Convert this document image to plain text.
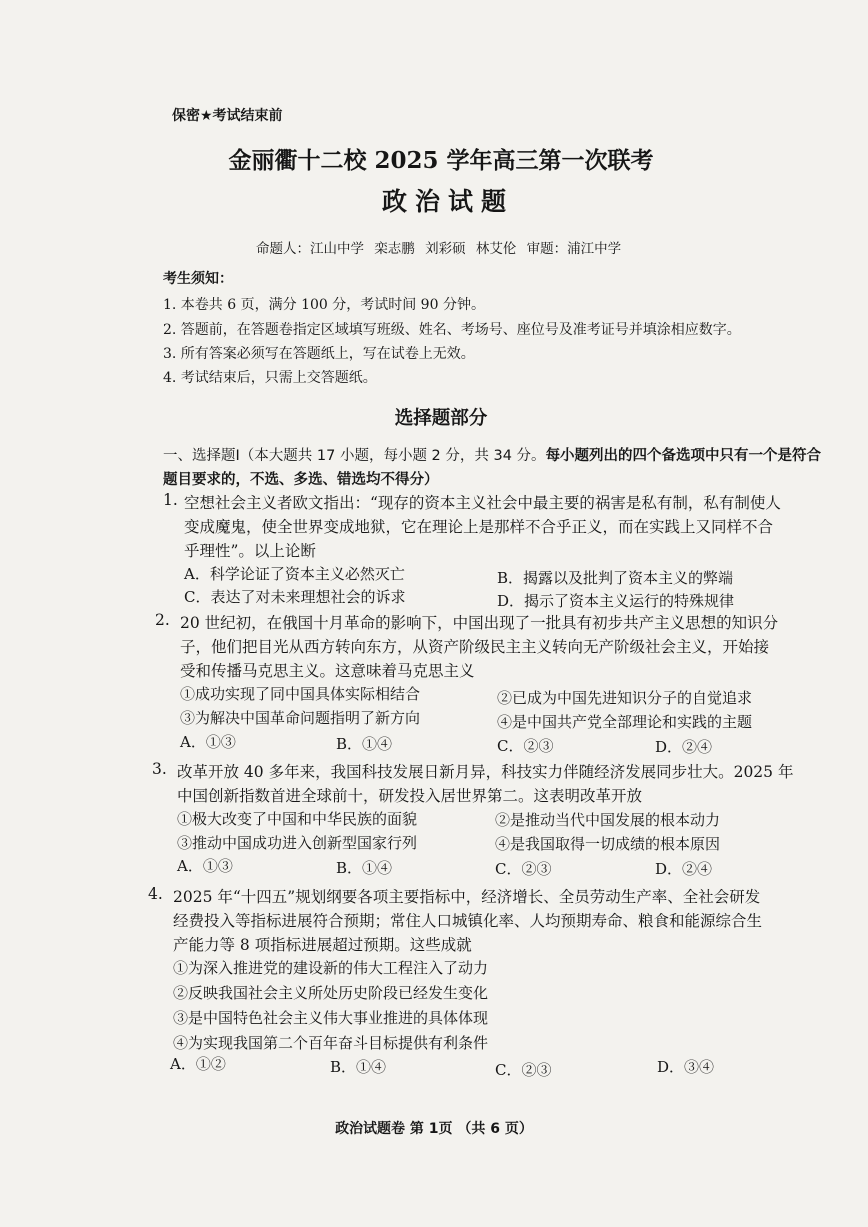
保密★考试结束前
金丽衢十二校 2025 学年高三第一次联考
政治试题
命题人：江山中学 栾志鹏 刘彩硕 林艾伦 审题：浦江中学
考生须知：
1. 本卷共 6 页，满分 100 分，考试时间 90 分钟。
2. 答题前，在答题卷指定区域填写班级、姓名、考场号、座位号及准考证号并填涂相应数字。
3. 所有答案必须写在答题纸上，写在试卷上无效。
4. 考试结束后，只需上交答题纸。
选择题部分
一、选择题Ⅰ（本大题共 17 小题，每小题 2 分，共 34 分。每小题列出的四个备选项中只有一个是符合题目要求的，不选、多选、错选均不得分）
1. 空想社会主义者欧文指出：“现存的资本主义社会中最主要的祸害是私有制，私有制使人
变成魔鬼，使全世界变成地狱，它在理论上是那样不合乎正义，而在实践上又同样不合
乎理性”。以上论断
A．科学论证了资本主义必然灭亡	B．揭露以及批判了资本主义的弊端
C．表达了对未来理想社会的诉求	D．揭示了资本主义运行的特殊规律
2. 20 世纪初，在俄国十月革命的影响下，中国出现了一批具有初步共产主义思想的知识分
子，他们把目光从西方转向东方，从资产阶级民主主义转向无产阶级社会主义，开始接
受和传播马克思主义。这意味着马克思主义
①成功实现了同中国具体实际相结合	②已成为中国先进知识分子的自觉追求
③为解决中国革命问题指明了新方向	④是中国共产党全部理论和实践的主题
A．①③	B．①④	C．②③	D．②④
3. 改革开放 40 多年来，我国科技发展日新月异，科技实力伴随经济发展同步壮大。2025 年
中国创新指数首进全球前十，研发投入居世界第二。这表明改革开放
①极大改变了中国和中华民族的面貌	②是推动当代中国发展的根本动力
③推动中国成功进入创新型国家行列	④是我国取得一切成绩的根本原因
A．①③	B．①④	C．②③	D．②④
4. 2025 年“十四五”规划纲要各项主要指标中，经济增长、全员劳动生产率、全社会研发
经费投入等指标进展符合预期；常住人口城镇化率、人均预期寿命、粮食和能源综合生
产能力等 8 项指标进展超过预期。这些成就
①为深入推进党的建设新的伟大工程注入了动力
②反映我国社会主义所处历史阶段已经发生变化
③是中国特色社会主义伟大事业推进的具体体现
④为实现我国第二个百年奋斗目标提供有利条件
A．①②	B．①④	C．②③	D．③④
政治试题卷 第 1页 （共 6 页）
